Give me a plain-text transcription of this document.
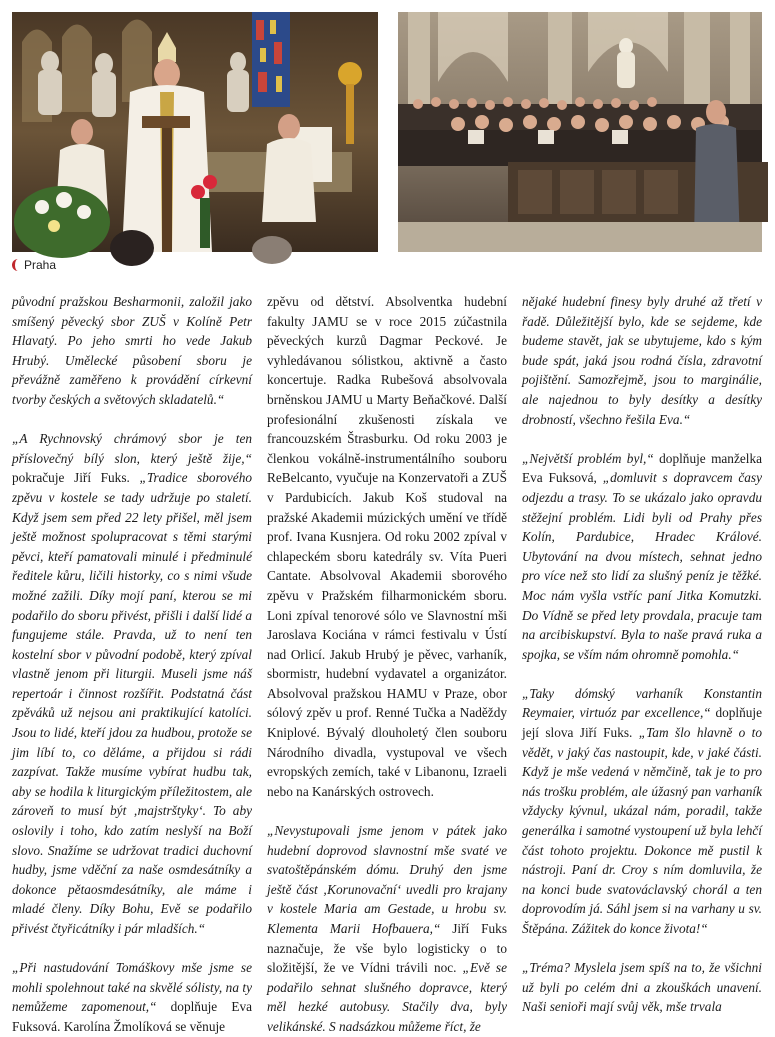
Praha

původní pražskou Besharmonii, založil jako smíšený pěvecký sbor ZUŠ v Kolíně Petr Hlavatý. Po jeho smrti ho vede Jakub Hrubý. Umělecké působení sboru je převážně zaměřeno k provádění církevní tvorby českých a světových skladatelů.“

„A Rychnovský chrámový sbor je ten příslovečný bílý slon, který ještě žije,“ pokračuje Jiří Fuks. „Tradice sborového zpěvu v kostele se tady udržuje po staletí. Když jsem sem před 22 lety přišel, měl jsem ještě možnost spolupracovat s těmi starými pěvci, kteří pamatovali minulé i předminulé ředitele kůru, ličili historky, co s nimi všude možné zažili. Díky mojí paní, kterou se mi podařilo do sboru přivést, přišli i další lidé a fungujeme stále. Pravda, už to není ten kostelní sbor v původní podobě, který zpíval vlastně jenom při liturgii. Museli jsme náš repertoár i činnost rozšířit. Podstatná část zpěváků už nejsou ani praktikující katolíci. Jsou to lidé, kteří jdou za hudbou, protože se jim líbí to, co děláme, a přijdou si rádi zazpívat. Takže musíme vybírat hudbu tak, aby se hodila k liturgickým příležitostem, ale zároveň to musí být ‚majstrštyky‘. To aby oslovily i toho, kdo zatím neslyší na Boží slovo. Snažíme se udržovat tradici duchovní hudby, jsme vděční za naše osmdesátníky a dokonce pětaosmdesátníky, ale máme i mladé členy. Díky Bohu, Evě se podařilo přivést čtyřicátníky i pár mladších.“

„Při nastudování Tomáškovy mše jsme se mohli spolehnout také na skvělé sólisty, na ty nemůžeme zapomenout,“ doplňuje Eva Fuksová. Karolína Žmolíková se věnuje

zpěvu od dětství. Absolventka hudební fakulty JAMU se v roce 2015 zúčastnila pěveckých kurzů Dagmar Peckové. Je vyhledávanou sólistkou, aktivně a často koncertuje. Radka Rubešová absolvovala brněnskou JAMU u Marty Beňačkové. Další profesionální zkušenosti získala ve francouzském Štrasburku. Od roku 2003 je členkou vokálně-instrumentálního souboru ReBelcanto, vyučuje na Konzervatoři a ZUŠ v Pardubicích. Jakub Koš studoval na pražské Akademii múzických umění ve třídě prof. Ivana Kusnjera. Od roku 2002 zpíval v chlapeckém sboru katedrály sv. Víta Pueri Cantate. Absolvoval Akademii sborového zpěvu v Pražském filharmonickém sboru. Loni zpíval tenorové sólo ve Slavnostní mši Jaroslava Kociána v rámci festivalu v Ústí nad Orlicí. Jakub Hrubý je pěvec, varhaník, sbormistr, hudební vydavatel a organizátor. Absolvoval pražskou HAMU v Praze, obor sólový zpěv u prof. Renné Tučka a Naděždy Kniplové. Bývalý dlouholetý člen souboru Národního divadla, vystupoval ve všech evropských zemích, také v Libanonu, Izraeli nebo na Kanárských ostrovech.

„Nevystupovali jsme jenom v pátek jako hudební doprovod slavnostní mše svaté ve svatoštěpánském dómu. Druhý den jsme ještě část ‚Korunovační‘ uvedli pro krajany v kostele Maria am Gestade, u hrobu sv. Klementa Marii Hofbauera,“ Jiří Fuks naznačuje, že vše bylo logisticky o to složitější, že ve Vídni trávili noc. „Evě se podařilo sehnat slušného dopravce, který měl hezké autobusy. Stačily dva, byly velikánské. S nadsázkou můžeme říct, že

nějaké hudební finesy byly druhé až třetí v řadě. Důležitější bylo, kde se sejdeme, kde budeme stavět, jak se ubytujeme, kdo s kým bude spát, jaká jsou rodná čísla, zdravotní pojištění. Samozřejmě, jsou to marginálie, ale najednou to byly desítky a desítky drobností, všechno řešila Eva.“

„Největší problém byl,“ doplňuje manželka Eva Fuksová, „domluvit s dopravcem časy odjezdu a trasy. To se ukázalo jako opravdu stěžejní problém. Lidi byli od Prahy přes Kolín, Pardubice, Hradec Králové. Ubytování na dvou místech, sehnat jedno pro více než sto lidí za slušný peníz je těžké. Moc nám vyšla vstříc paní Jitka Komutzki. Do Vídně se před lety provdala, pracuje tam na arcibiskupství. Byla to naše pravá ruka a spojka, se vším nám ohromně pomohla.“

„Taky dómský varhaník Konstantin Reymaier, virtuóz par excellence,“ doplňuje její slova Jiří Fuks. „Tam šlo hlavně o to vědět, v jaký čas nastoupit, kde, v jaké části. Když je mše vedená v němčině, tak je to pro nás trošku problém, ale úžasný pan varhaník vždycky kývnul, ukázal nám, poradil, takže generálka i samotné vystoupení už byla lehčí část tohoto projektu. Dokonce mě pustil k nástroji. Paní dr. Croy s ním domluvila, že na konci bude svatováclavský chorál a ten doprovodím já. Sáhl jsem si na varhany u sv. Štěpána. Zážitek do konce života!“

„Tréma? Myslela jsem spíš na to, že všichni už byli po celém dni a zkouškách unavení. Naši senioři mají svůj věk, mše trvala
